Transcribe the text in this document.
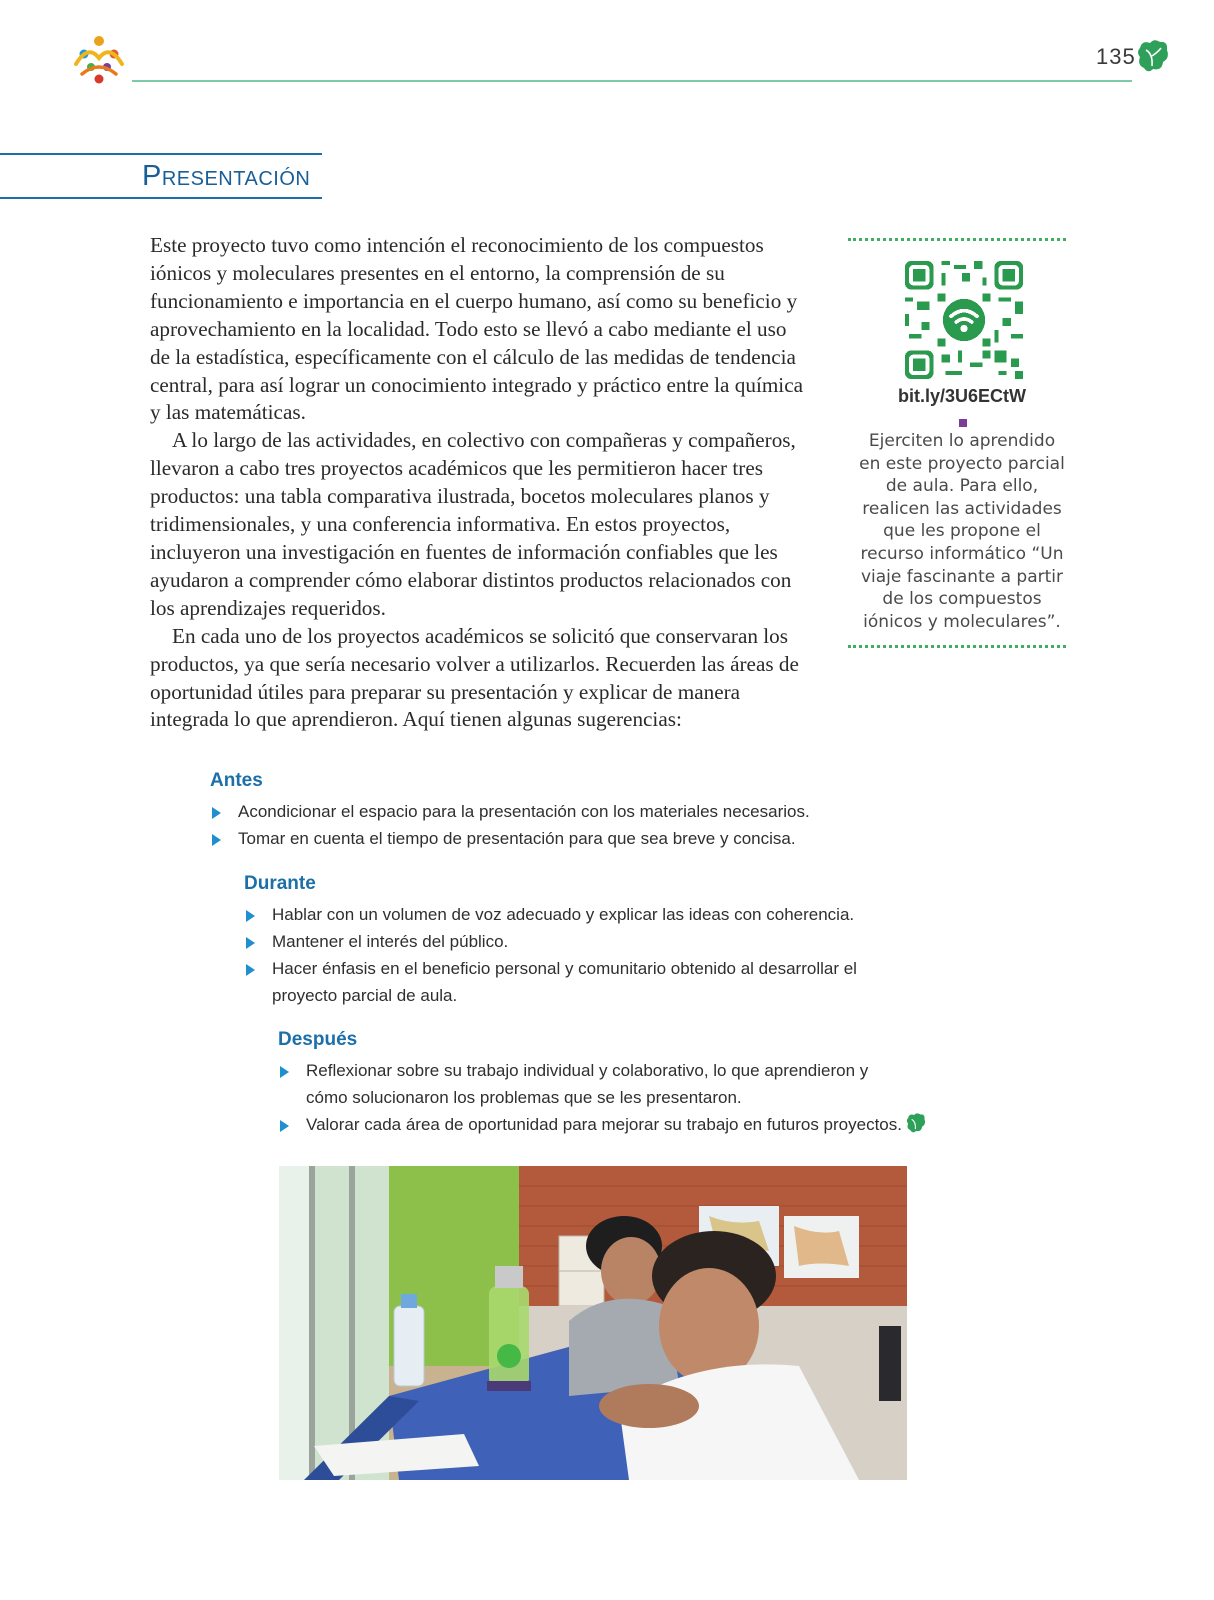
135
Presentación

Este proyecto tuvo como intención el reconocimiento de los compuestos iónicos y moleculares presentes en el entorno, la comprensión de su funcionamiento e importancia en el cuerpo humano, así como su beneficio y aprovechamiento en la localidad. Todo esto se llevó a cabo mediante el uso de la estadística, específicamente con el cálculo de las medidas de tendencia central, para así lograr un conocimiento integrado y práctico entre la química y las matemáticas.

A lo largo de las actividades, en colectivo con compañeras y compañeros, llevaron a cabo tres proyectos académicos que les permitieron hacer tres productos: una tabla comparativa ilustrada, bocetos moleculares planos y tridimensionales, y una conferencia informativa. En estos proyectos, incluyeron una investigación en fuentes de información confiables que les ayudaron a comprender cómo elaborar distintos productos relacionados con los aprendizajes requeridos.

En cada uno de los proyectos académicos se solicitó que conservaran los productos, ya que sería necesario volver a utilizarlos. Recuerden las áreas de oportunidad útiles para preparar su presentación y explicar de manera integrada lo que aprendieron. Aquí tienen algunas sugerencias:

bit.ly/3U6ECtW
Ejerciten lo aprendido en este proyecto parcial de aula. Para ello, realicen las actividades que les propone el recurso informático “Un viaje fascinante a partir de los compuestos iónicos y moleculares”.
Antes
Acondicionar el espacio para la presentación con los materiales necesarios.
Tomar en cuenta el tiempo de presentación para que sea breve y concisa.
Durante
Hablar con un volumen de voz adecuado y explicar las ideas con coherencia.
Mantener el interés del público.
Hacer énfasis en el beneficio personal y comunitario obtenido al desarrollar el proyecto parcial de aula.
Después
Reflexionar sobre su trabajo individual y colaborativo, lo que aprendieron y cómo solucionaron los problemas que se les presentaron.
Valorar cada área de oportunidad para mejorar su trabajo en futuros proyectos.
